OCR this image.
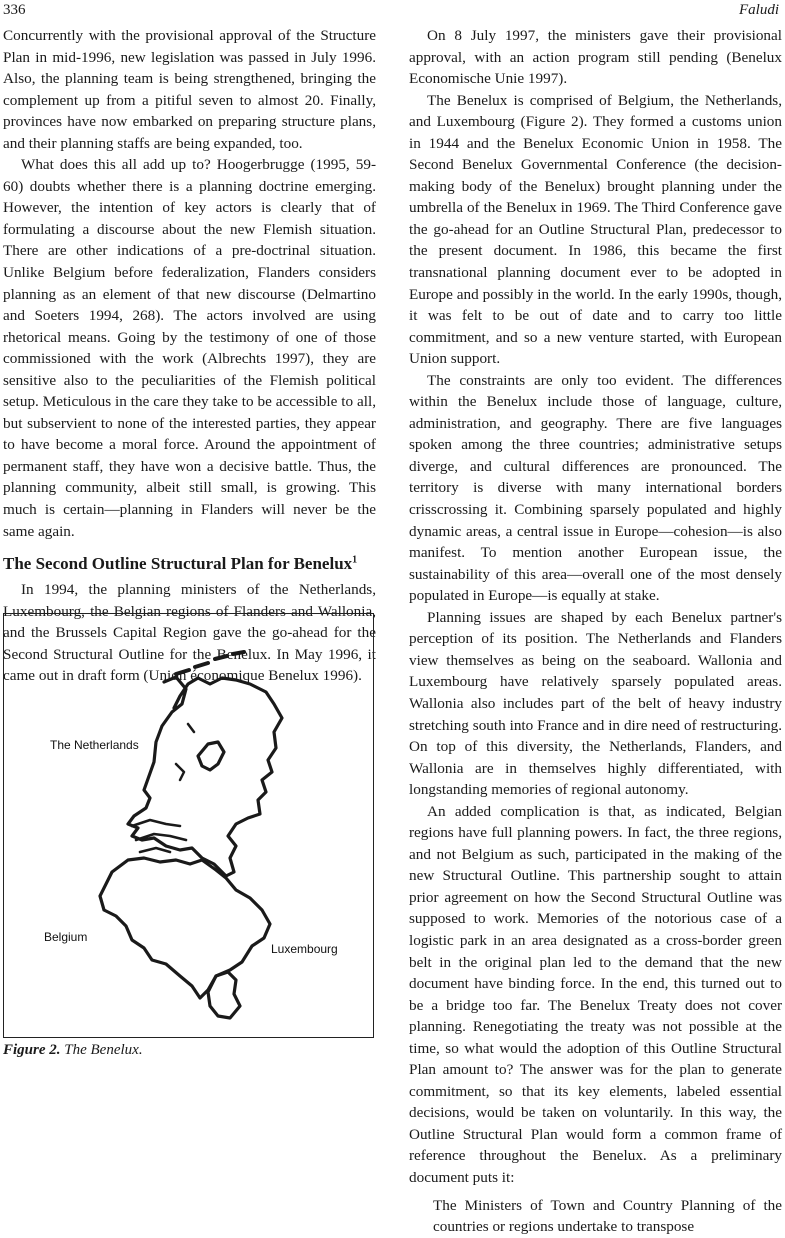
336	Faludi

Concurrently with the provisional approval of the Structure Plan in mid-1996, new legislation was passed in July 1996. Also, the planning team is being strengthened, bringing the complement up from a pitiful seven to almost 20. Finally, provinces have now embarked on preparing structure plans, and their planning staffs are being expanded, too.

What does this all add up to? Hoogerbrugge (1995, 59-60) doubts whether there is a planning doctrine emerging. However, the intention of key actors is clearly that of formulating a discourse about the new Flemish situation. There are other indications of a pre-doctrinal situation. Unlike Belgium before federalization, Flanders considers planning as an element of that new discourse (Delmartino and Soeters 1994, 268). The actors involved are using rhetorical means. Going by the testimony of one of those commissioned with the work (Albrechts 1997), they are sensitive also to the peculiarities of the Flemish political setup. Meticulous in the care they take to be accessible to all, but subservient to none of the interested parties, they appear to have become a moral force. Around the appointment of permanent staff, they have won a decisive battle. Thus, the planning community, albeit still small, is growing. This much is certain—planning in Flanders will never be the same again.

The Second Outline Structural Plan for Benelux$^1$

In 1994, the planning ministers of the Netherlands, Luxembourg, the Belgian regions of Flanders and Wallonia, and the Brussels Capital Region gave the go-ahead for the Second Structural Outline for the Benelux. In May 1996, it came out in draft form (Union économique Benelux 1996).

The Netherlands
Belgium
Luxembourg
Figure 2. The Benelux.

On 8 July 1997, the ministers gave their provisional approval, with an action program still pending (Benelux Economische Unie 1997).

The Benelux is comprised of Belgium, the Netherlands, and Luxembourg (Figure 2). They formed a customs union in 1944 and the Benelux Economic Union in 1958. The Second Benelux Governmental Conference (the decision-making body of the Benelux) brought planning under the umbrella of the Benelux in 1969. The Third Conference gave the go-ahead for an Outline Structural Plan, predecessor to the present document. In 1986, this became the first transnational planning document ever to be adopted in Europe and possibly in the world. In the early 1990s, though, it was felt to be out of date and to carry too little commitment, and so a new venture started, with European Union support.

The constraints are only too evident. The differences within the Benelux include those of language, culture, administration, and geography. There are five languages spoken among the three countries; administrative setups diverge, and cultural differences are pronounced. The territory is diverse with many international borders crisscrossing it. Combining sparsely populated and highly dynamic areas, a central issue in Europe—cohesion—is also manifest. To mention another European issue, the sustainability of this area—overall one of the most densely populated in Europe—is equally at stake.

Planning issues are shaped by each Benelux partner's perception of its position. The Netherlands and Flanders view themselves as being on the seaboard. Wallonia and Luxembourg have relatively sparsely populated areas. Wallonia also includes part of the belt of heavy industry stretching south into France and in dire need of restructuring. On top of this diversity, the Netherlands, Flanders, and Wallonia are in themselves highly differentiated, with longstanding memories of regional autonomy.

An added complication is that, as indicated, Belgian regions have full planning powers. In fact, the three regions, and not Belgium as such, participated in the making of the new Structural Outline. This partnership sought to attain prior agreement on how the Second Structural Outline was supposed to work. Memories of the notorious case of a logistic park in an area designated as a cross-border green belt in the original plan led to the demand that the new document have binding force. In the end, this turned out to be a bridge too far. The Benelux Treaty does not cover planning. Renegotiating the treaty was not possible at the time, so what would the adoption of this Outline Structural Plan amount to? The answer was for the plan to generate commitment, so that its key elements, labeled essential decisions, would be taken on voluntarily. In this way, the Outline Structural Plan would form a common frame of reference throughout the Benelux. As a preliminary document puts it:

The Ministers of Town and Country Planning of the countries or regions undertake to transpose
